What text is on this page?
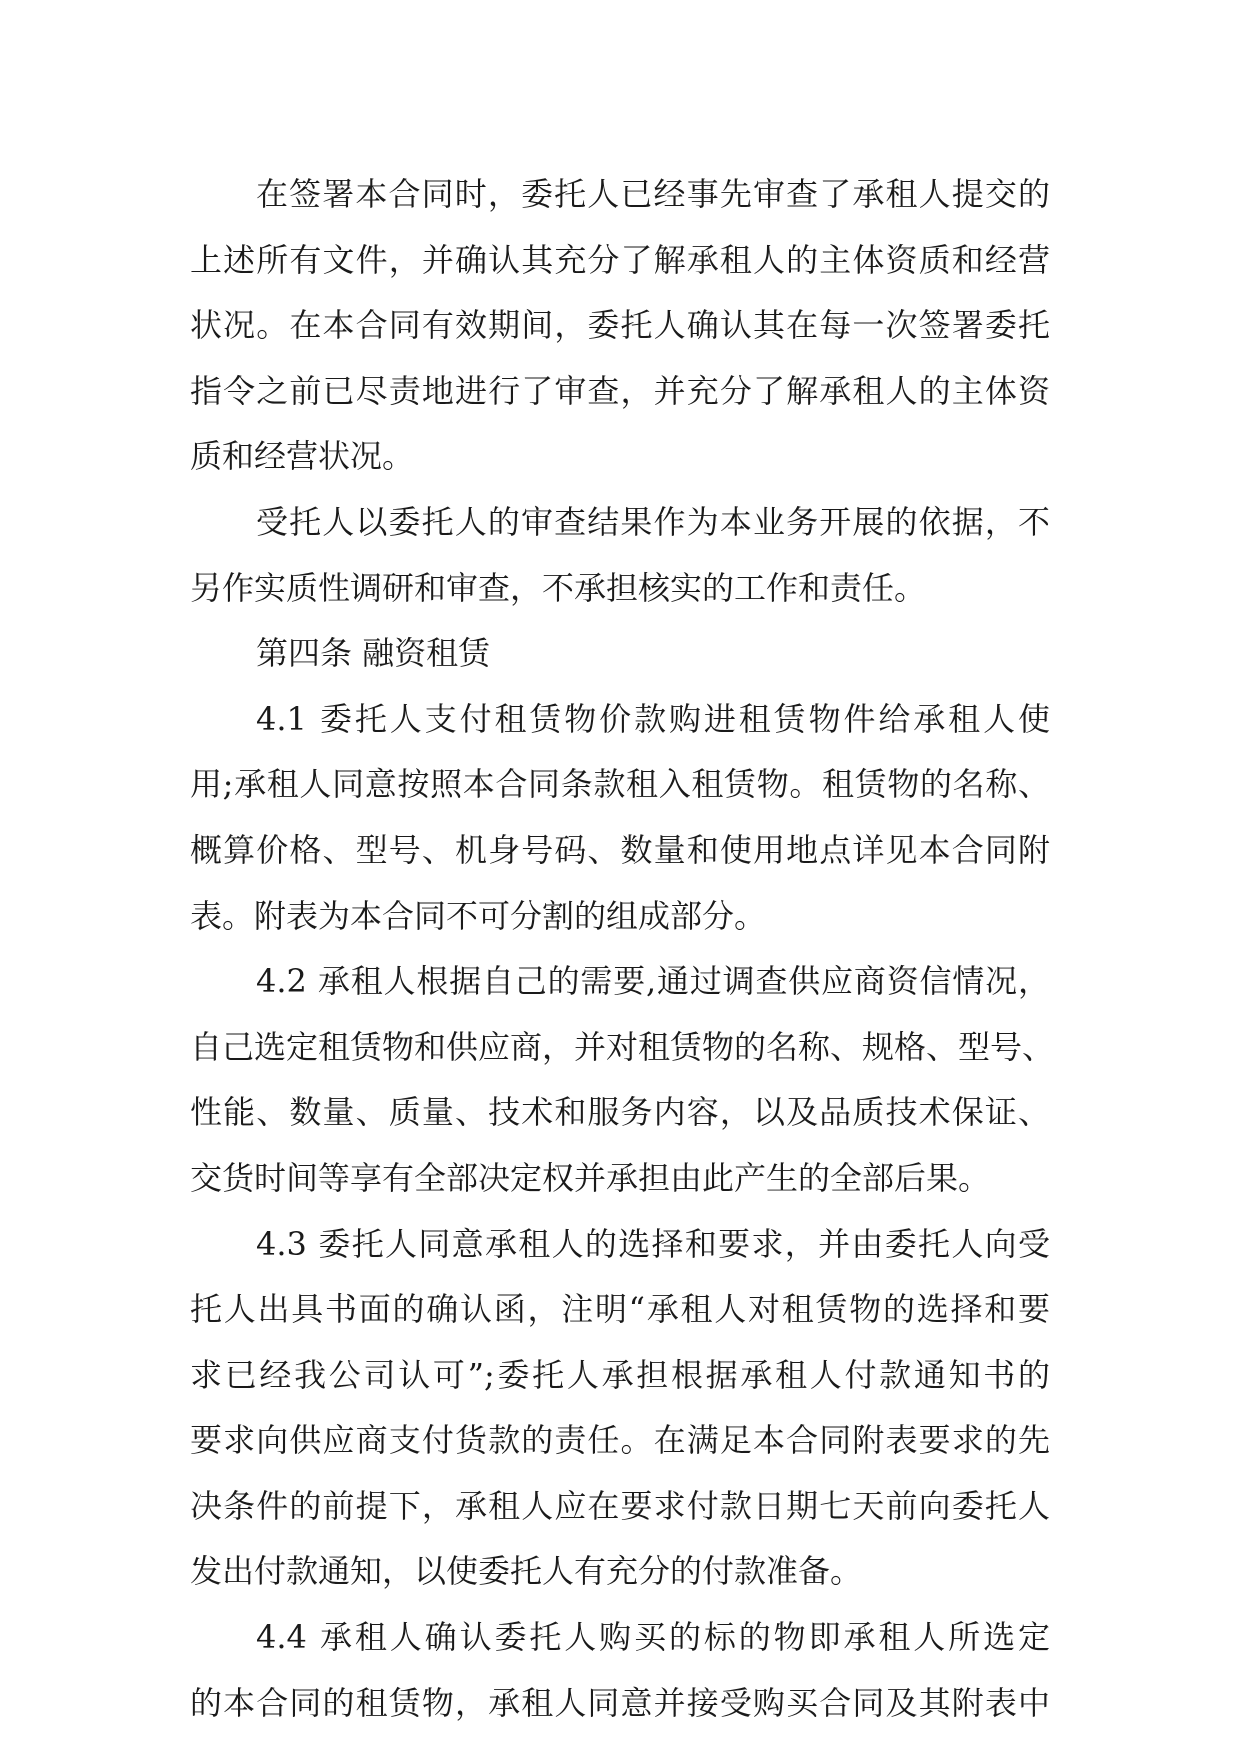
在签署本合同时，委托人已经事先审查了承租人提交的
上述所有文件，并确认其充分了解承租人的主体资质和经营
状况。在本合同有效期间，委托人确认其在每一次签署委托
指令之前已尽责地进行了审查，并充分了解承租人的主体资
质和经营状况。
受托人以委托人的审查结果作为本业务开展的依据，不
另作实质性调研和审查，不承担核实的工作和责任。
第四条 融资租赁
4.1 委托人支付租赁物价款购进租赁物件给承租人使
用;承租人同意按照本合同条款租入租赁物。租赁物的名称、
概算价格、型号、机身号码、数量和使用地点详见本合同附
表。附表为本合同不可分割的组成部分。
4.2 承租人根据自己的需要,通过调查供应商资信情况，
自己选定租赁物和供应商，并对租赁物的名称、规格、型号、
性能、数量、质量、技术和服务内容，以及品质技术保证、
交货时间等享有全部决定权并承担由此产生的全部后果。
4.3 委托人同意承租人的选择和要求，并由委托人向受
托人出具书面的确认函，注明“承租人对租赁物的选择和要
求已经我公司认可”;委托人承担根据承租人付款通知书的
要求向供应商支付货款的责任。在满足本合同附表要求的先
决条件的前提下，承租人应在要求付款日期七天前向委托人
发出付款通知，以使委托人有充分的付款准备。
4.4 承租人确认委托人购买的标的物即承租人所选定
的本合同的租赁物，承租人同意并接受购买合同及其附表中
